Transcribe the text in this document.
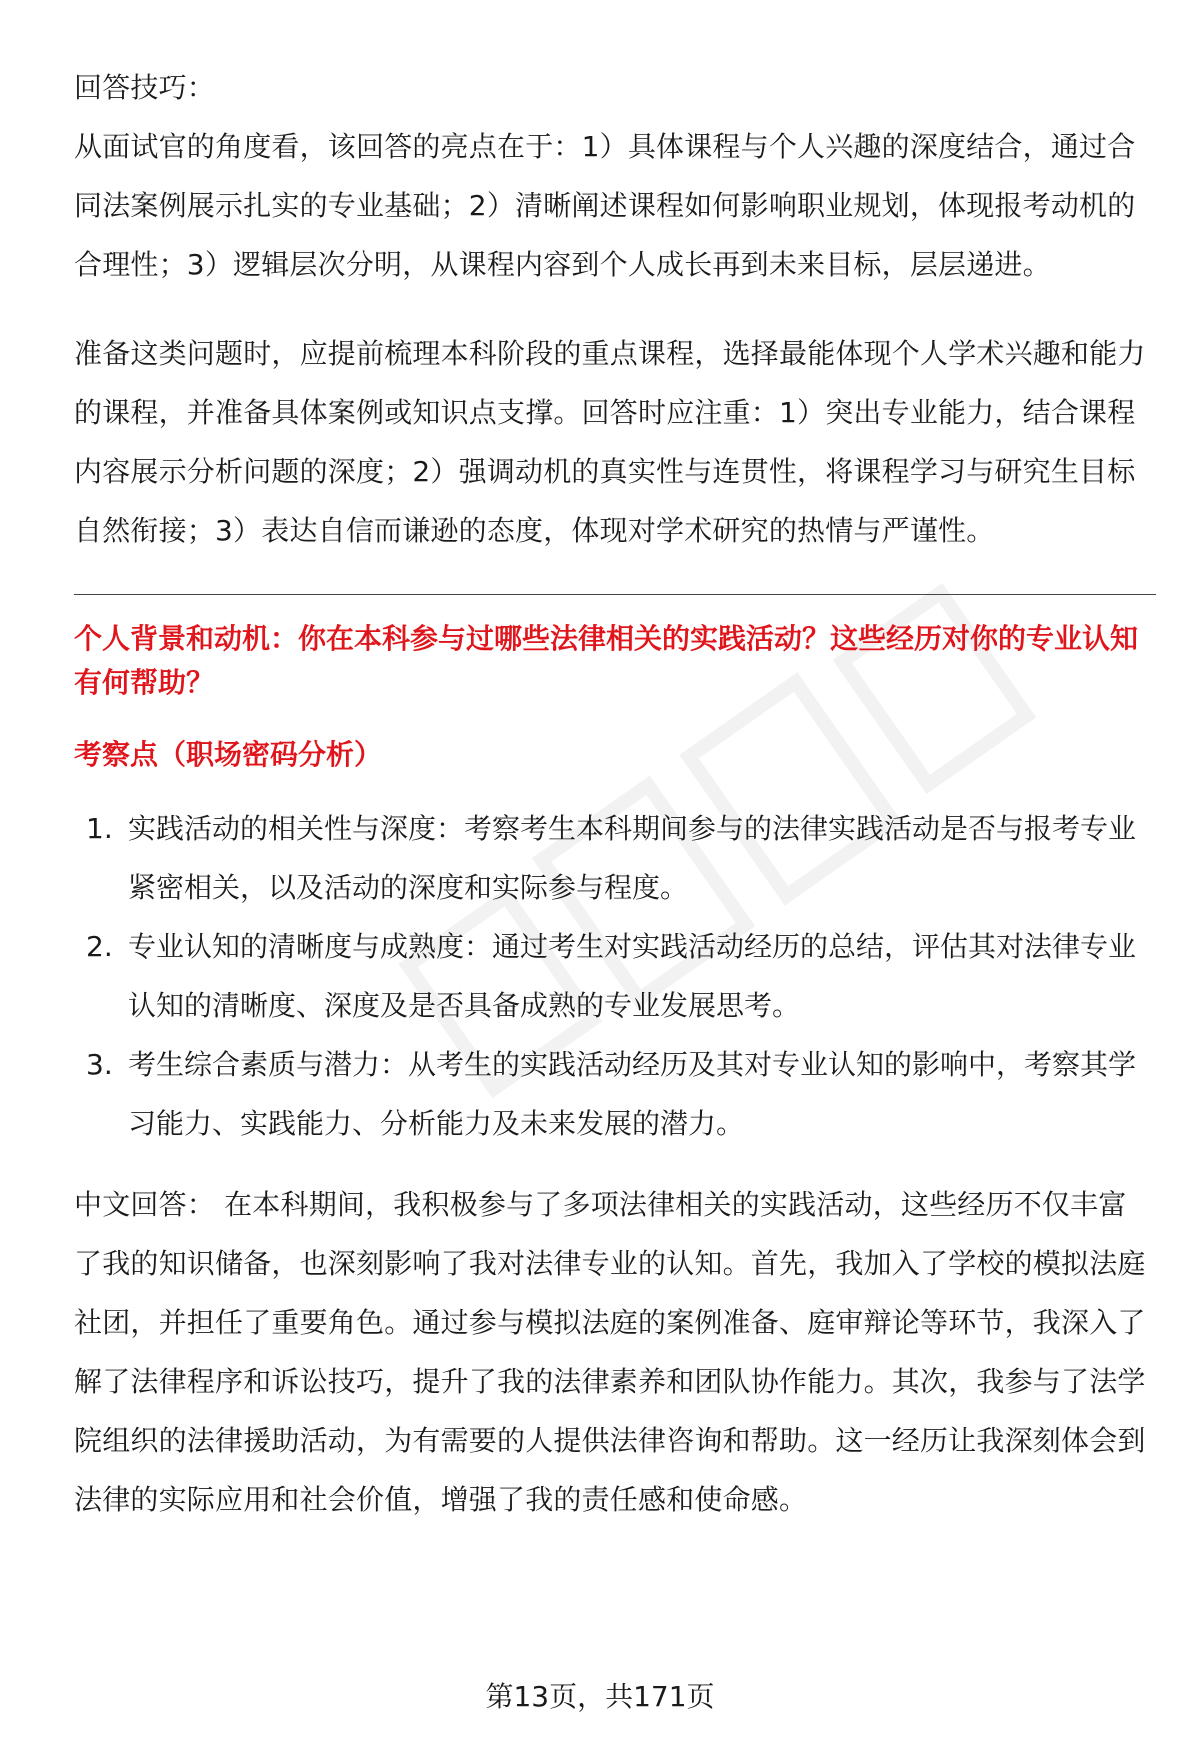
回答技巧：

从面试官的角度看，该回答的亮点在于：1）具体课程与个人兴趣的深度结合，通过合同法案例展示扎实的专业基础；2）清晰阐述课程如何影响职业规划，体现报考动机的合理性；3）逻辑层次分明，从课程内容到个人成长再到未来目标，层层递进。

准备这类问题时，应提前梳理本科阶段的重点课程，选择最能体现个人学术兴趣和能力的课程，并准备具体案例或知识点支撑。回答时应注重：1）突出专业能力，结合课程内容展示分析问题的深度；2）强调动机的真实性与连贯性，将课程学习与研究生目标自然衔接；3）表达自信而谦逊的态度，体现对学术研究的热情与严谨性。

个人背景和动机：你在本科参与过哪些法律相关的实践活动？这些经历对你的专业认知有何帮助？

考察点（职场密码分析）

1. 实践活动的相关性与深度：考察考生本科期间参与的法律实践活动是否与报考专业紧密相关，以及活动的深度和实际参与程度。
2. 专业认知的清晰度与成熟度：通过考生对实践活动经历的总结，评估其对法律专业认知的清晰度、深度及是否具备成熟的专业发展思考。
3. 考生综合素质与潜力：从考生的实践活动经历及其对专业认知的影响中，考察其学习能力、实践能力、分析能力及未来发展的潜力。

中文回答： 在本科期间，我积极参与了多项法律相关的实践活动，这些经历不仅丰富了我的知识储备，也深刻影响了我对法律专业的认知。首先，我加入了学校的模拟法庭社团，并担任了重要角色。通过参与模拟法庭的案例准备、庭审辩论等环节，我深入了解了法律程序和诉讼技巧，提升了我的法律素养和团队协作能力。其次，我参与了法学院组织的法律援助活动，为有需要的人提供法律咨询和帮助。这一经历让我深刻体会到法律的实际应用和社会价值，增强了我的责任感和使命感。

第13页，共171页
